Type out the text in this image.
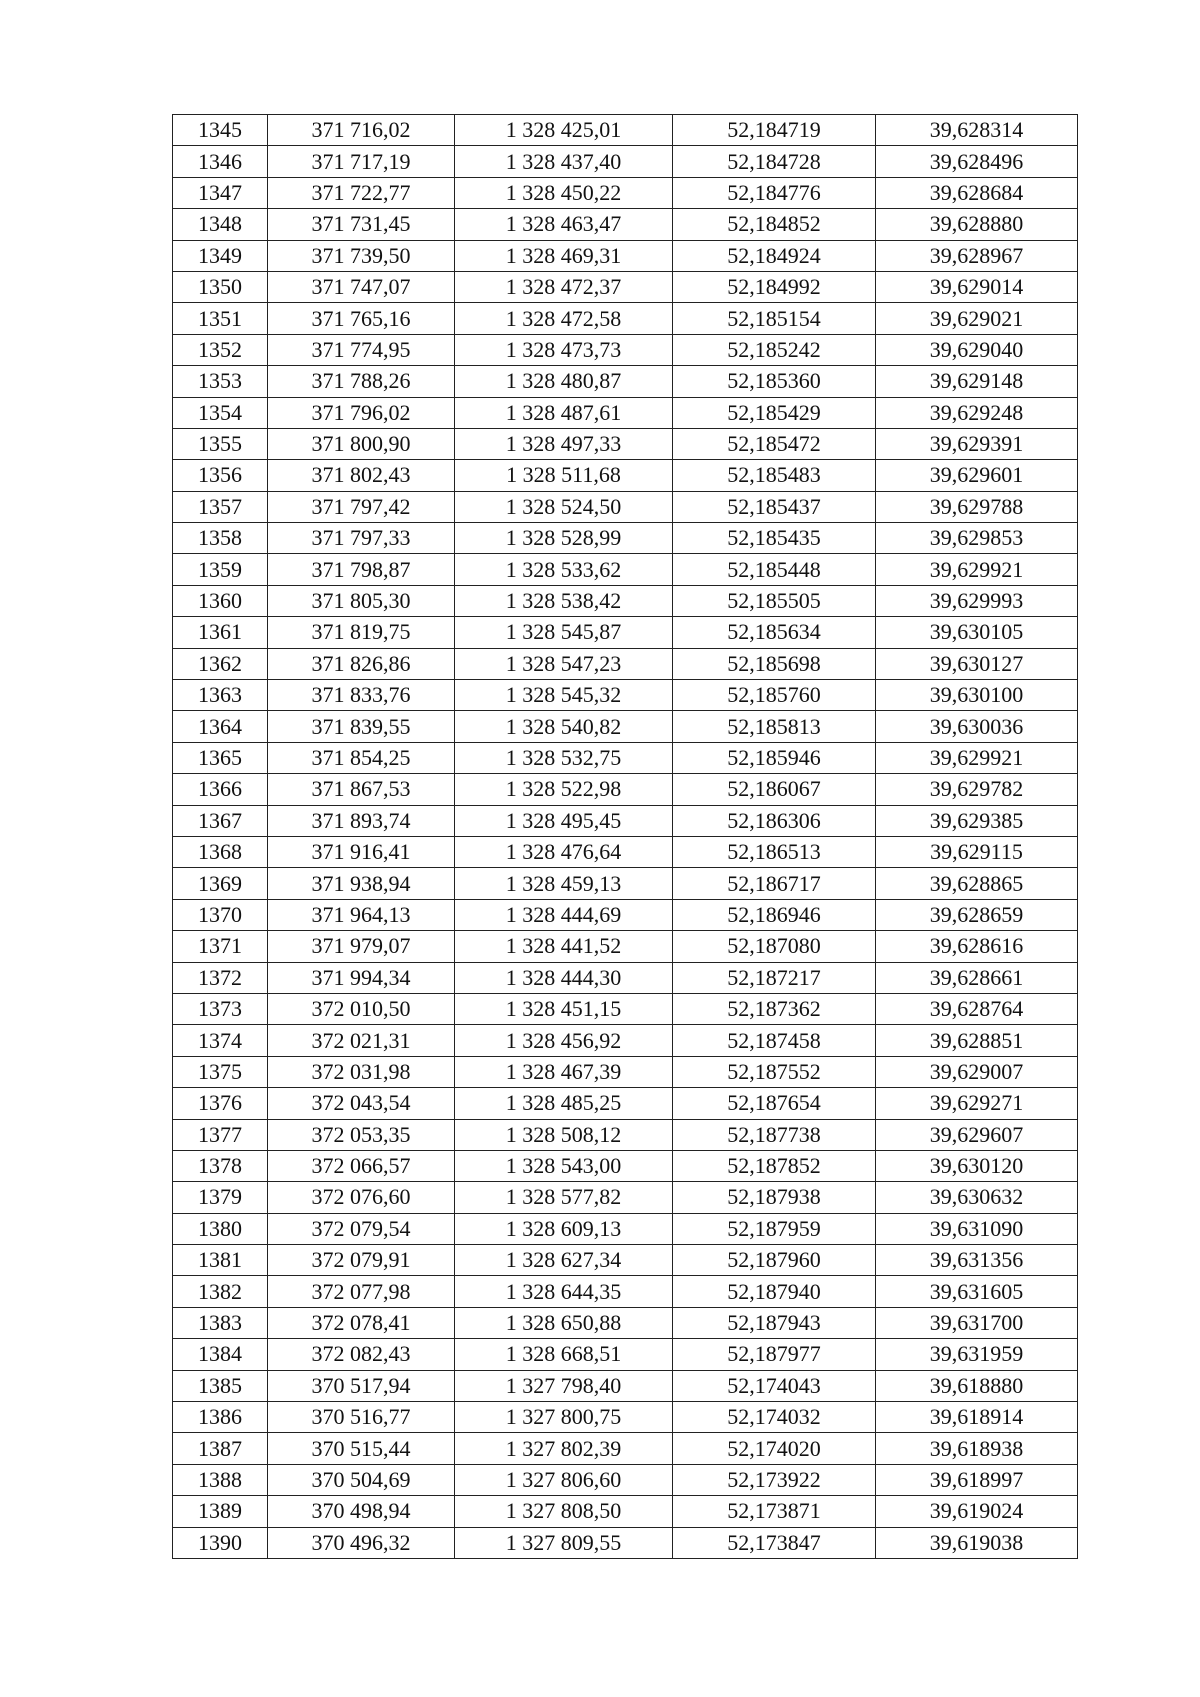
1345	371 716,02	1 328 425,01	52,184719	39,628314
1346	371 717,19	1 328 437,40	52,184728	39,628496
1347	371 722,77	1 328 450,22	52,184776	39,628684
1348	371 731,45	1 328 463,47	52,184852	39,628880
1349	371 739,50	1 328 469,31	52,184924	39,628967
1350	371 747,07	1 328 472,37	52,184992	39,629014
1351	371 765,16	1 328 472,58	52,185154	39,629021
1352	371 774,95	1 328 473,73	52,185242	39,629040
1353	371 788,26	1 328 480,87	52,185360	39,629148
1354	371 796,02	1 328 487,61	52,185429	39,629248
1355	371 800,90	1 328 497,33	52,185472	39,629391
1356	371 802,43	1 328 511,68	52,185483	39,629601
1357	371 797,42	1 328 524,50	52,185437	39,629788
1358	371 797,33	1 328 528,99	52,185435	39,629853
1359	371 798,87	1 328 533,62	52,185448	39,629921
1360	371 805,30	1 328 538,42	52,185505	39,629993
1361	371 819,75	1 328 545,87	52,185634	39,630105
1362	371 826,86	1 328 547,23	52,185698	39,630127
1363	371 833,76	1 328 545,32	52,185760	39,630100
1364	371 839,55	1 328 540,82	52,185813	39,630036
1365	371 854,25	1 328 532,75	52,185946	39,629921
1366	371 867,53	1 328 522,98	52,186067	39,629782
1367	371 893,74	1 328 495,45	52,186306	39,629385
1368	371 916,41	1 328 476,64	52,186513	39,629115
1369	371 938,94	1 328 459,13	52,186717	39,628865
1370	371 964,13	1 328 444,69	52,186946	39,628659
1371	371 979,07	1 328 441,52	52,187080	39,628616
1372	371 994,34	1 328 444,30	52,187217	39,628661
1373	372 010,50	1 328 451,15	52,187362	39,628764
1374	372 021,31	1 328 456,92	52,187458	39,628851
1375	372 031,98	1 328 467,39	52,187552	39,629007
1376	372 043,54	1 328 485,25	52,187654	39,629271
1377	372 053,35	1 328 508,12	52,187738	39,629607
1378	372 066,57	1 328 543,00	52,187852	39,630120
1379	372 076,60	1 328 577,82	52,187938	39,630632
1380	372 079,54	1 328 609,13	52,187959	39,631090
1381	372 079,91	1 328 627,34	52,187960	39,631356
1382	372 077,98	1 328 644,35	52,187940	39,631605
1383	372 078,41	1 328 650,88	52,187943	39,631700
1384	372 082,43	1 328 668,51	52,187977	39,631959
1385	370 517,94	1 327 798,40	52,174043	39,618880
1386	370 516,77	1 327 800,75	52,174032	39,618914
1387	370 515,44	1 327 802,39	52,174020	39,618938
1388	370 504,69	1 327 806,60	52,173922	39,618997
1389	370 498,94	1 327 808,50	52,173871	39,619024
1390	370 496,32	1 327 809,55	52,173847	39,619038
